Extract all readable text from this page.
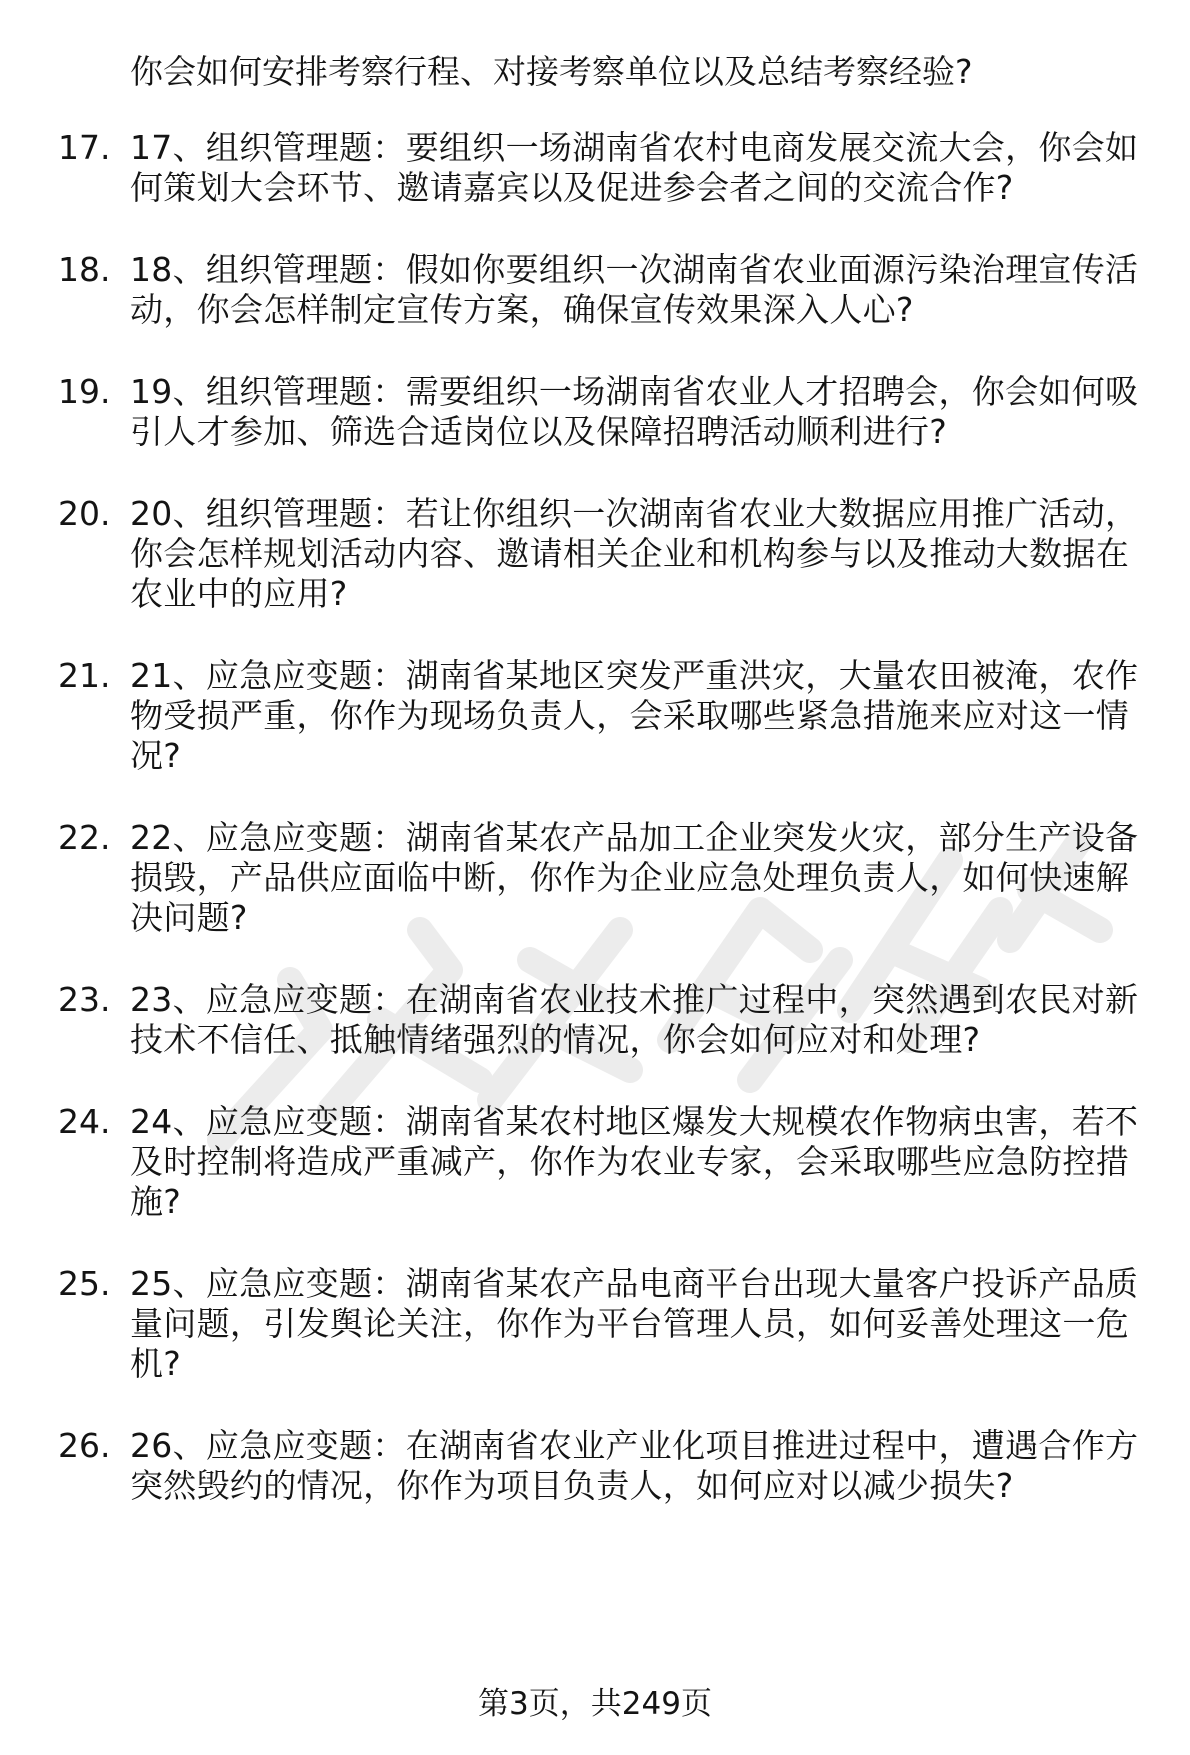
你会如何安排考察行程、对接考察单位以及总结考察经验?
17. 17、组织管理题：要组织一场湖南省农村电商发展交流大会，你会如何策划大会环节、邀请嘉宾以及促进参会者之间的交流合作?
18. 18、组织管理题：假如你要组织一次湖南省农业面源污染治理宣传活动，你会怎样制定宣传方案，确保宣传效果深入人心?
19. 19、组织管理题：需要组织一场湖南省农业人才招聘会，你会如何吸引人才参加、筛选合适岗位以及保障招聘活动顺利进行?
20. 20、组织管理题：若让你组织一次湖南省农业大数据应用推广活动，你会怎样规划活动内容、邀请相关企业和机构参与以及推动大数据在农业中的应用?
21. 21、应急应变题：湖南省某地区突发严重洪灾，大量农田被淹，农作物受损严重，你作为现场负责人，会采取哪些紧急措施来应对这一情况?
22. 22、应急应变题：湖南省某农产品加工企业突发火灾，部分生产设备损毁，产品供应面临中断，你作为企业应急处理负责人，如何快速解决问题?
23. 23、应急应变题：在湖南省农业技术推广过程中，突然遇到农民对新技术不信任、抵触情绪强烈的情况，你会如何应对和处理?
24. 24、应急应变题：湖南省某农村地区爆发大规模农作物病虫害，若不及时控制将造成严重减产，你作为农业专家，会采取哪些应急防控措施?
25. 25、应急应变题：湖南省某农产品电商平台出现大量客户投诉产品质量问题，引发舆论关注，你作为平台管理人员，如何妥善处理这一危机?
26. 26、应急应变题：在湖南省农业产业化项目推进过程中，遭遇合作方突然毁约的情况，你作为项目负责人，如何应对以减少损失?
第3页，共249页
